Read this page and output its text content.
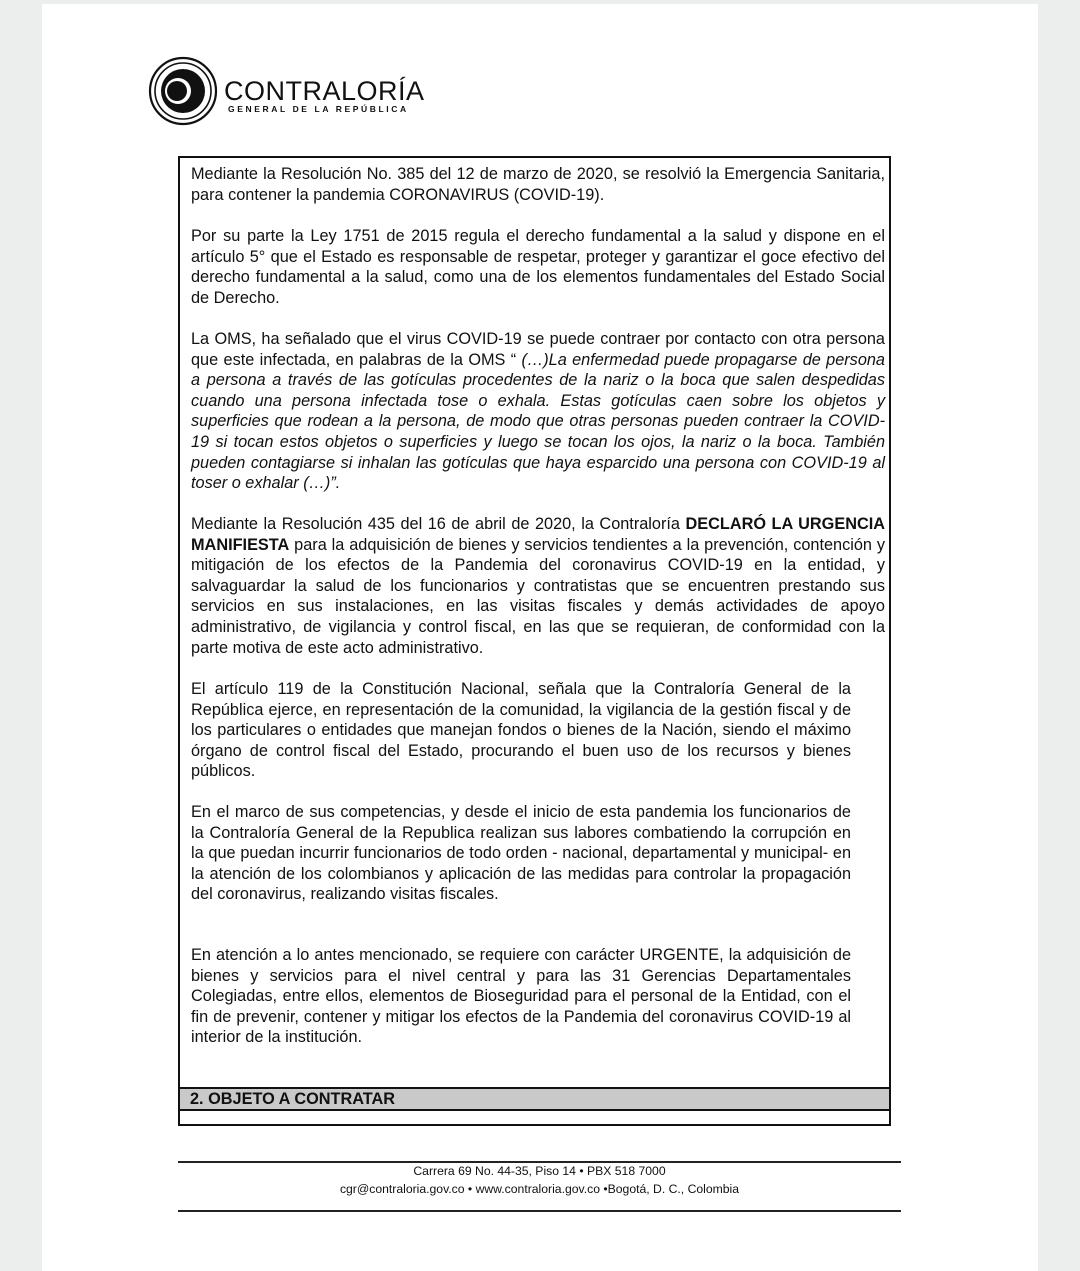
CONTRALORÍA
GENERAL DE LA REPÚBLICA

Mediante la Resolución No. 385 del 12 de marzo de 2020, se resolvió la Emergencia Sanitaria, para contener la pandemia CORONAVIRUS (COVID-19).

Por su parte la Ley 1751 de 2015 regula el derecho fundamental a la salud y dispone en el artículo 5° que el Estado es responsable de respetar, proteger y garantizar el goce efectivo del derecho fundamental a la salud, como una de los elementos fundamentales del Estado Social de Derecho.

La OMS, ha señalado que el virus COVID-19 se puede contraer por contacto con otra persona que este infectada, en palabras de la OMS “ (…)La enfermedad puede propagarse de persona a persona a través de las gotículas procedentes de la nariz o la boca que salen despedidas cuando una persona infectada tose o exhala. Estas gotículas caen sobre los objetos y superficies que rodean a la persona, de modo que otras personas pueden contraer la COVID-19 si tocan estos objetos o superficies y luego se tocan los ojos, la nariz o la boca. También pueden contagiarse si inhalan las gotículas que haya esparcido una persona con COVID-19 al toser o exhalar (…)”.

Mediante la Resolución 435 del 16 de abril de 2020, la Contraloría DECLARÓ LA URGENCIA MANIFIESTA para la adquisición de bienes y servicios tendientes a la prevención, contención y mitigación de los efectos de la Pandemia del coronavirus COVID-19 en la entidad, y salvaguardar la salud de los funcionarios y contratistas que se encuentren prestando sus servicios en sus instalaciones, en las visitas fiscales y demás actividades de apoyo administrativo, de vigilancia y control fiscal, en las que se requieran, de conformidad con la parte motiva de este acto administrativo.

El artículo 119 de la Constitución Nacional, señala que la Contraloría General de la República ejerce, en representación de la comunidad, la vigilancia de la gestión fiscal y de los particulares o entidades que manejan fondos o bienes de la Nación, siendo el máximo órgano de control fiscal del Estado, procurando el buen uso de los recursos y bienes públicos.

En el marco de sus competencias, y desde el inicio de esta pandemia los funcionarios de la Contraloría General de la Republica realizan sus labores combatiendo la corrupción en la que puedan incurrir funcionarios de todo orden - nacional, departamental y municipal- en la atención de los colombianos y aplicación de las medidas para controlar la propagación del coronavirus, realizando visitas fiscales.

En atención a lo antes mencionado, se requiere con carácter URGENTE, la adquisición de bienes y servicios para el nivel central y para las 31 Gerencias Departamentales Colegiadas, entre ellos, elementos de Bioseguridad para el personal de la Entidad, con el fin de prevenir, contener y mitigar los efectos de la Pandemia del coronavirus COVID-19 al interior de la institución.

2. OBJETO A CONTRATAR
Carrera 69 No. 44-35, Piso 14 • PBX 518 7000
cgr@contraloria.gov.co • www.contraloria.gov.co •Bogotá, D. C., Colombia
